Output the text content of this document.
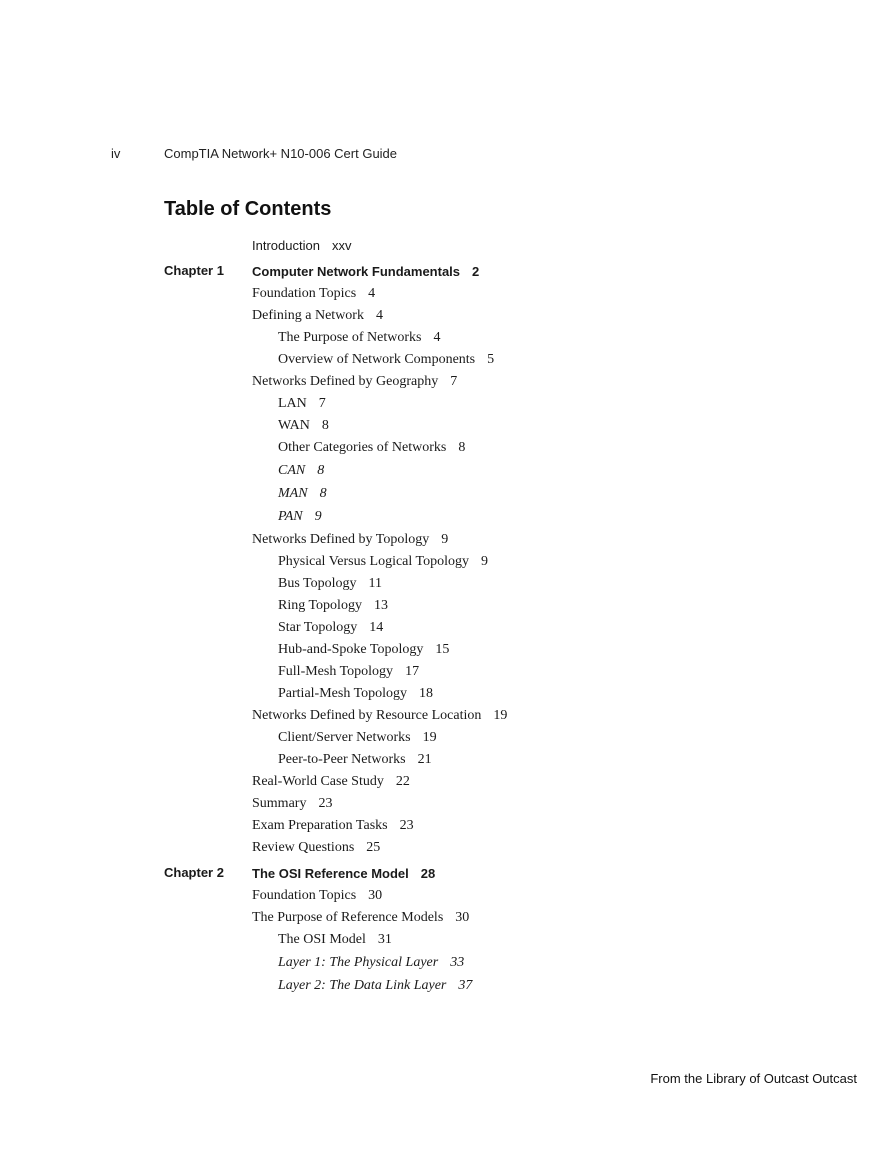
iv	CompTIA Network+ N10-006 Cert Guide
Table of Contents
Introduction xxv
Computer Network Fundamentals 2
Chapter 1
Foundation Topics 4
Defining a Network 4
The Purpose of Networks 4
Overview of Network Components 5
Networks Defined by Geography 7
LAN 7
WAN 8
Other Categories of Networks 8
CAN 8
MAN 8
PAN 9
Networks Defined by Topology 9
Physical Versus Logical Topology 9
Bus Topology 11
Ring Topology 13
Star Topology 14
Hub-and-Spoke Topology 15
Full-Mesh Topology 17
Partial-Mesh Topology 18
Networks Defined by Resource Location 19
Client/Server Networks 19
Peer-to-Peer Networks 21
Real-World Case Study 22
Summary 23
Exam Preparation Tasks 23
Review Questions 25
The OSI Reference Model 28
Chapter 2
Foundation Topics 30
The Purpose of Reference Models 30
The OSI Model 31
Layer 1: The Physical Layer 33
Layer 2: The Data Link Layer 37
From the Library of Outcast Outcast
